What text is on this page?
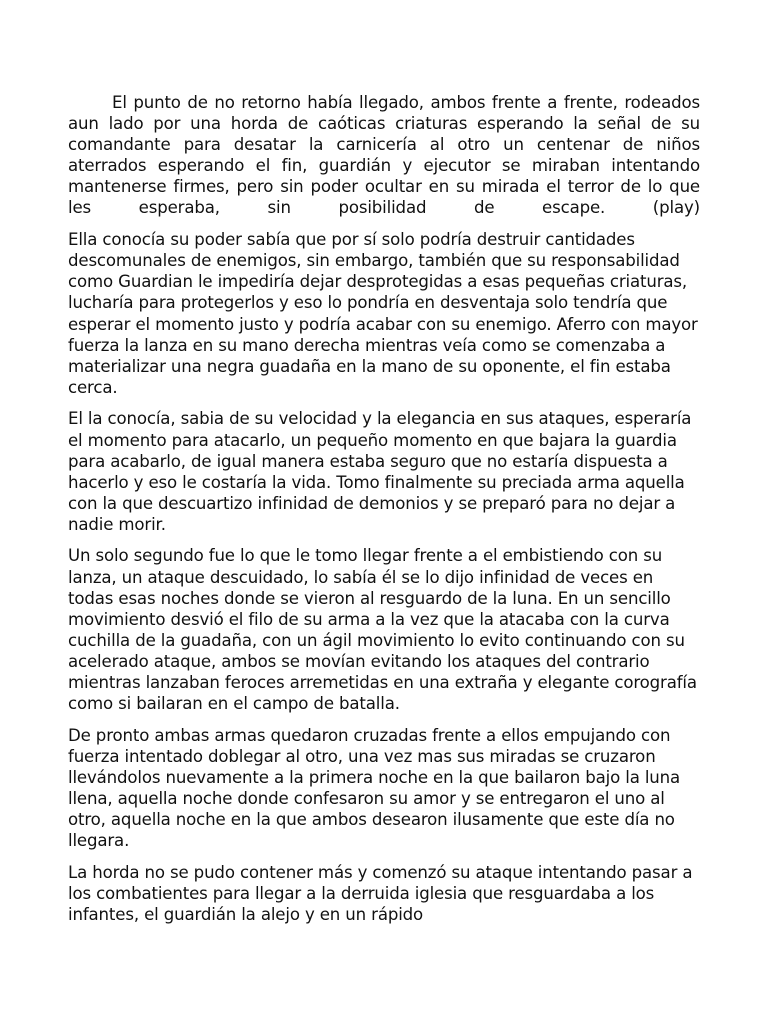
El punto de no retorno había llegado, ambos frente a frente, rodeados aun lado por una horda de caóticas criaturas esperando la señal de su comandante para desatar la carnicería al otro un centenar de niños aterrados esperando el fin, guardián y ejecutor se miraban intentando mantenerse firmes, pero sin poder ocultar en su mirada el terror de lo que les esperaba, sin posibilidad de escape. (play)

Ella conocía su poder sabía que por sí solo podría destruir cantidades descomunales de enemigos, sin embargo, también que su responsabilidad como Guardian le impediría dejar desprotegidas a esas pequeñas criaturas, lucharía para protegerlos y eso lo pondría en desventaja solo tendría que esperar el momento justo y podría acabar con su enemigo. Aferro con mayor fuerza la lanza en su mano derecha mientras veía como se comenzaba a materializar una negra guadaña en la mano de su oponente, el fin estaba cerca.

El la conocía, sabia de su velocidad y la elegancia en sus ataques, esperaría el momento para atacarlo, un pequeño momento en que bajara la guardia para acabarlo, de igual manera estaba seguro que no estaría dispuesta a hacerlo y eso le costaría la vida. Tomo finalmente su preciada arma aquella con la que descuartizo infinidad de demonios y se preparó para no dejar a nadie morir.

Un solo segundo fue lo que le tomo llegar frente a el embistiendo con su lanza, un ataque descuidado, lo sabía él se lo dijo infinidad de veces en todas esas noches donde se vieron al resguardo de la luna. En un sencillo movimiento desvió el filo de su arma a la vez que la atacaba con la curva cuchilla de la guadaña, con un ágil movimiento lo evito continuando con su acelerado ataque, ambos se movían evitando los ataques del contrario mientras lanzaban feroces arremetidas en una extraña y elegante corografía como si bailaran en el campo de batalla.

De pronto ambas armas quedaron cruzadas frente a ellos empujando con fuerza intentado doblegar al otro, una vez mas sus miradas se cruzaron llevándolos nuevamente a la primera noche en la que bailaron bajo la luna llena, aquella noche donde confesaron su amor y se entregaron el uno al otro, aquella noche en la que ambos desearon ilusamente que este día no llegara.

La horda no se pudo contener más y comenzó su ataque intentando pasar a los combatientes para llegar a la derruida iglesia que resguardaba a los infantes, el guardián la alejo y en un rápido
